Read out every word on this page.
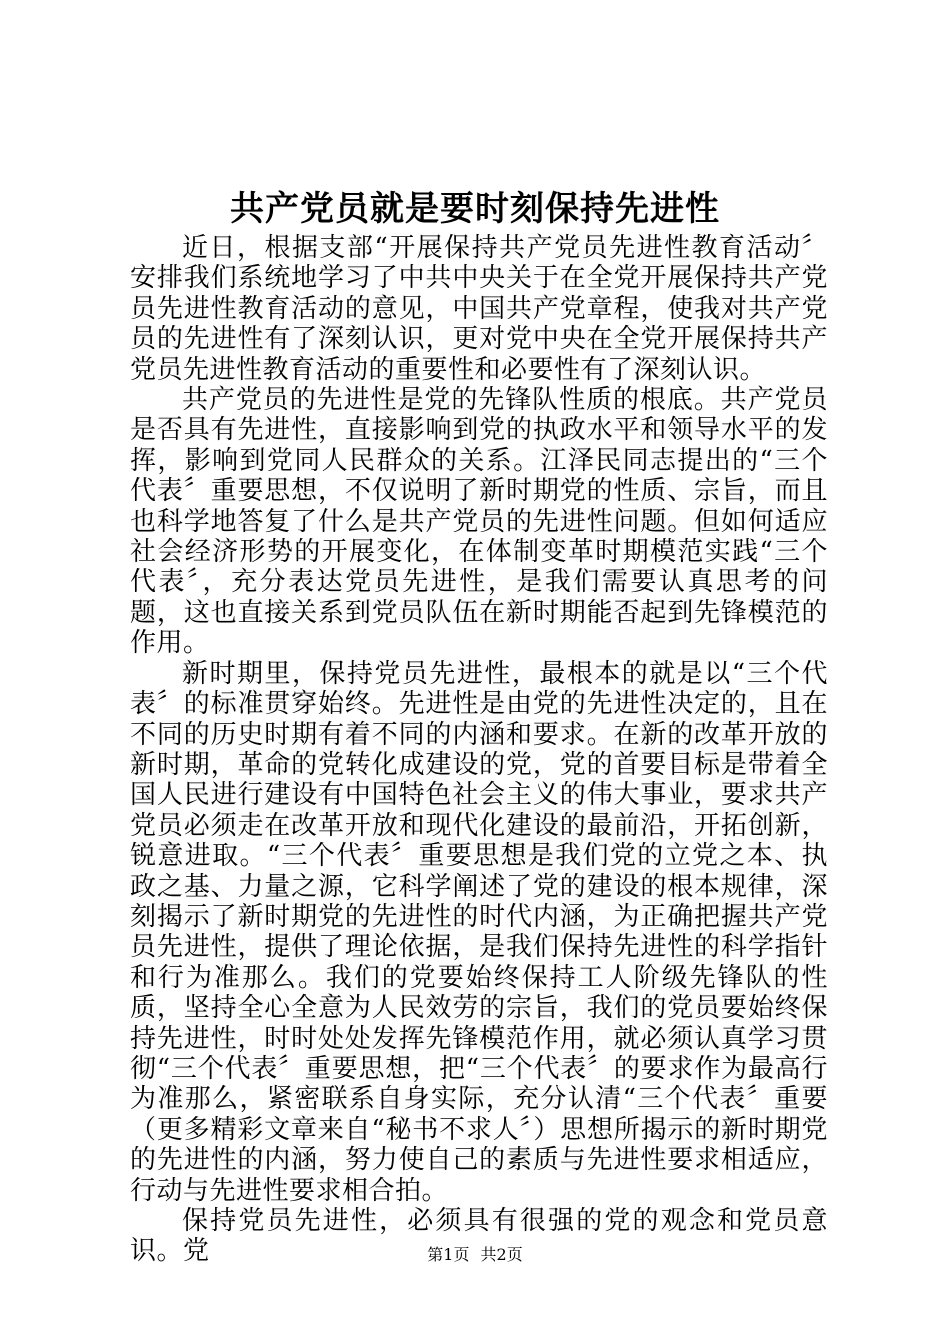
共产党员就是要时刻保持先进性

近日，根据支部“开展保持共产党员先进性教育活动〞安排我们系统地学习了中共中央关于在全党开展保持共产党员先进性教育活动的意见，中国共产党章程，使我对共产党员的先进性有了深刻认识，更对党中央在全党开展保持共产党员先进性教育活动的重要性和必要性有了深刻认识。

共产党员的先进性是党的先锋队性质的根底。共产党员是否具有先进性，直接影响到党的执政水平和领导水平的发挥，影响到党同人民群众的关系。江泽民同志提出的“三个代表〞重要思想，不仅说明了新时期党的性质、宗旨，而且也科学地答复了什么是共产党员的先进性问题。但如何适应社会经济形势的开展变化，在体制变革时期模范实践“三个代表〞，充分表达党员先进性，是我们需要认真思考的问题，这也直接关系到党员队伍在新时期能否起到先锋模范的作用。

新时期里，保持党员先进性，最根本的就是以“三个代表〞的标准贯穿始终。先进性是由党的先进性决定的，且在不同的历史时期有着不同的内涵和要求。在新的改革开放的新时期，革命的党转化成建设的党，党的首要目标是带着全国人民进行建设有中国特色社会主义的伟大事业，要求共产党员必须走在改革开放和现代化建设的最前沿，开拓创新，锐意进取。“三个代表〞重要思想是我们党的立党之本、执政之基、力量之源，它科学阐述了党的建设的根本规律，深刻揭示了新时期党的先进性的时代内涵，为正确把握共产党员先进性，提供了理论依据，是我们保持先进性的科学指针和行为准那么。我们的党要始终保持工人阶级先锋队的性质，坚持全心全意为人民效劳的宗旨，我们的党员要始终保持先进性，时时处处发挥先锋模范作用，就必须认真学习贯彻“三个代表〞重要思想，把“三个代表〞的要求作为最高行为准那么，紧密联系自身实际，充分认清“三个代表〞重要（更多精彩文章来自“秘书不求人〞）思想所揭示的新时期党的先进性的内涵，努力使自己的素质与先进性要求相适应，行动与先进性要求相合拍。

保持党员先进性，必须具有很强的党的观念和党员意识。党	第1页 共2页
